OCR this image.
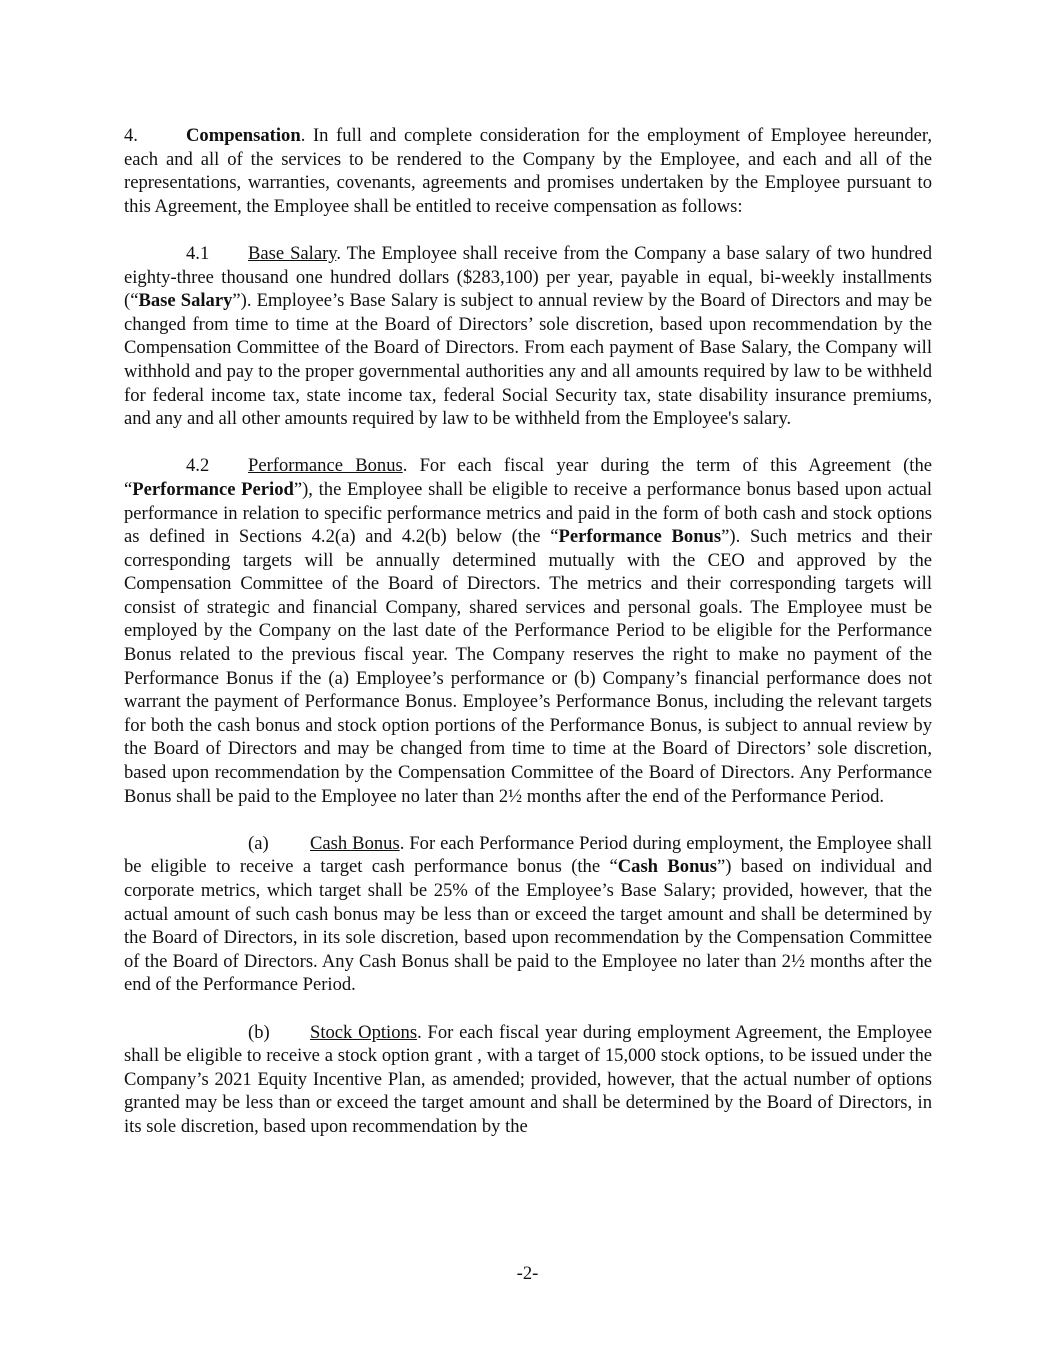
4.	Compensation. In full and complete consideration for the employment of Employee hereunder, each and all of the services to be rendered to the Company by the Employee, and each and all of the representations, warranties, covenants, agreements and promises undertaken by the Employee pursuant to this Agreement, the Employee shall be entitled to receive compensation as follows:

4.1 Base Salary. The Employee shall receive from the Company a base salary of two hundred eighty-three thousand one hundred dollars ($283,100) per year, payable in equal, bi-weekly installments (“Base Salary”). Employee’s Base Salary is subject to annual review by the Board of Directors and may be changed from time to time at the Board of Directors’ sole discretion, based upon recommendation by the Compensation Committee of the Board of Directors. From each payment of Base Salary, the Company will withhold and pay to the proper governmental authorities any and all amounts required by law to be withheld for federal income tax, state income tax, federal Social Security tax, state disability insurance premiums, and any and all other amounts required by law to be withheld from the Employee's salary.

4.2 Performance Bonus. For each fiscal year during the term of this Agreement (the “Performance Period”), the Employee shall be eligible to receive a performance bonus based upon actual performance in relation to specific performance metrics and paid in the form of both cash and stock options as defined in Sections 4.2(a) and 4.2(b) below (the “Performance Bonus”). Such metrics and their corresponding targets will be annually determined mutually with the CEO and approved by the Compensation Committee of the Board of Directors. The metrics and their corresponding targets will consist of strategic and financial Company, shared services and personal goals. The Employee must be employed by the Company on the last date of the Performance Period to be eligible for the Performance Bonus related to the previous fiscal year. The Company reserves the right to make no payment of the Performance Bonus if the (a) Employee’s performance or (b) Company’s financial performance does not warrant the payment of Performance Bonus. Employee’s Performance Bonus, including the relevant targets for both the cash bonus and stock option portions of the Performance Bonus, is subject to annual review by the Board of Directors and may be changed from time to time at the Board of Directors’ sole discretion, based upon recommendation by the Compensation Committee of the Board of Directors. Any Performance Bonus shall be paid to the Employee no later than 2½ months after the end of the Performance Period.

(a) Cash Bonus. For each Performance Period during employment, the Employee shall be eligible to receive a target cash performance bonus (the “Cash Bonus”) based on individual and corporate metrics, which target shall be 25% of the Employee’s Base Salary; provided, however, that the actual amount of such cash bonus may be less than or exceed the target amount and shall be determined by the Board of Directors, in its sole discretion, based upon recommendation by the Compensation Committee of the Board of Directors. Any Cash Bonus shall be paid to the Employee no later than 2½ months after the end of the Performance Period.

(b) Stock Options. For each fiscal year during employment Agreement, the Employee shall be eligible to receive a stock option grant , with a target of 15,000 stock options, to be issued under the Company’s 2021 Equity Incentive Plan, as amended; provided, however, that the actual number of options granted may be less than or exceed the target amount and shall be determined by the Board of Directors, in its sole discretion, based upon recommendation by the

-2-
